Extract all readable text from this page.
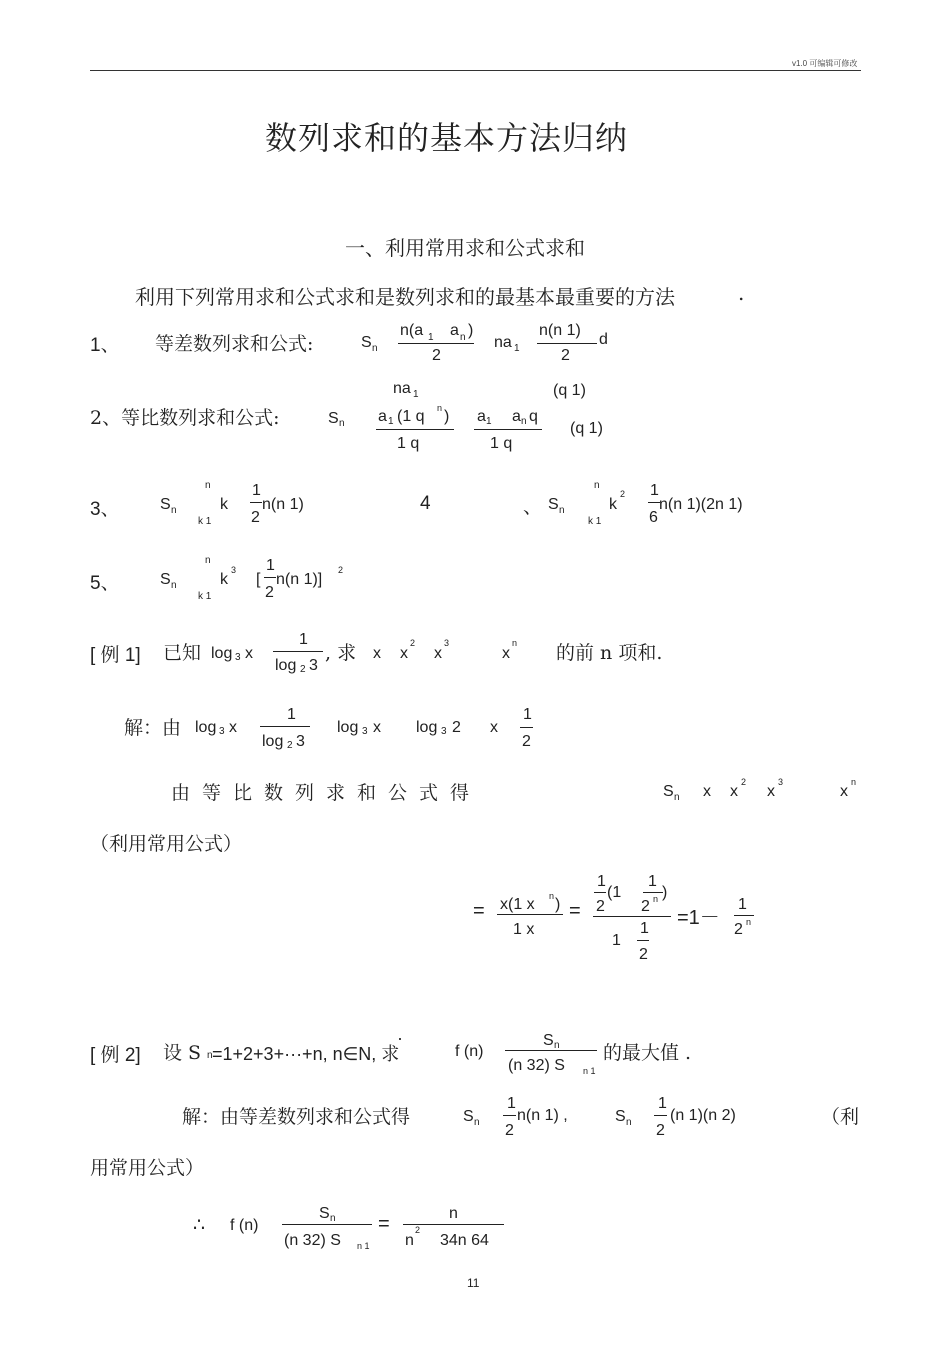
v1.0 可编辑可修改
数列求和的基本方法归纳
一、利用常用求和公式求和
利用下列常用求和公式求和是数列求和的最基本最重要的方法	.
1、 等差数列求和公式:	S n
n(a 1 a n )
2
na 1
n(n 1)
2
d
na 1	(q 1)
2、等比数列求和公式:	S n a 1 (1 q n )
1 q
a 1 a n q
1 q
(q 1)
3、	S n
n
k
k 1
1
2
n(n 1)	4	、 S n
n
k
2
k 1
1
6
n(n 1)(2n 1)
5、	S n
n
k
3
k 1
[
1
2
n(n 1)]
2
[ 例 1] 已知 log 3 x
1
log 2 3
, 求 x x
2
x
3
x
n 的前 n 项和.
解：由 log 3 x
1
log 2 3
log 3 x log 3 2 x
1
2
由等比数列求和公式得	S n x x
2
x
3
x
n
（利用常用公式）
= x(1 x n )
1 x
=
1
2
(1
1
2 n )
1
1
2
=1－
1
2 n
[ 例 2] 设 S n =1+2+3+···+n, n∈N, 求
·
f (n)
S n
(n 32) S n 1
的最大值 .
解：由等差数列求和公式得	S n
1
2
n(n 1) ,	S n
1
2
(n 1)(n 2)	（利
用常用公式）
∴ f (n)
S n
(n 32) S n 1
=	n
n
2
34n 64
11
